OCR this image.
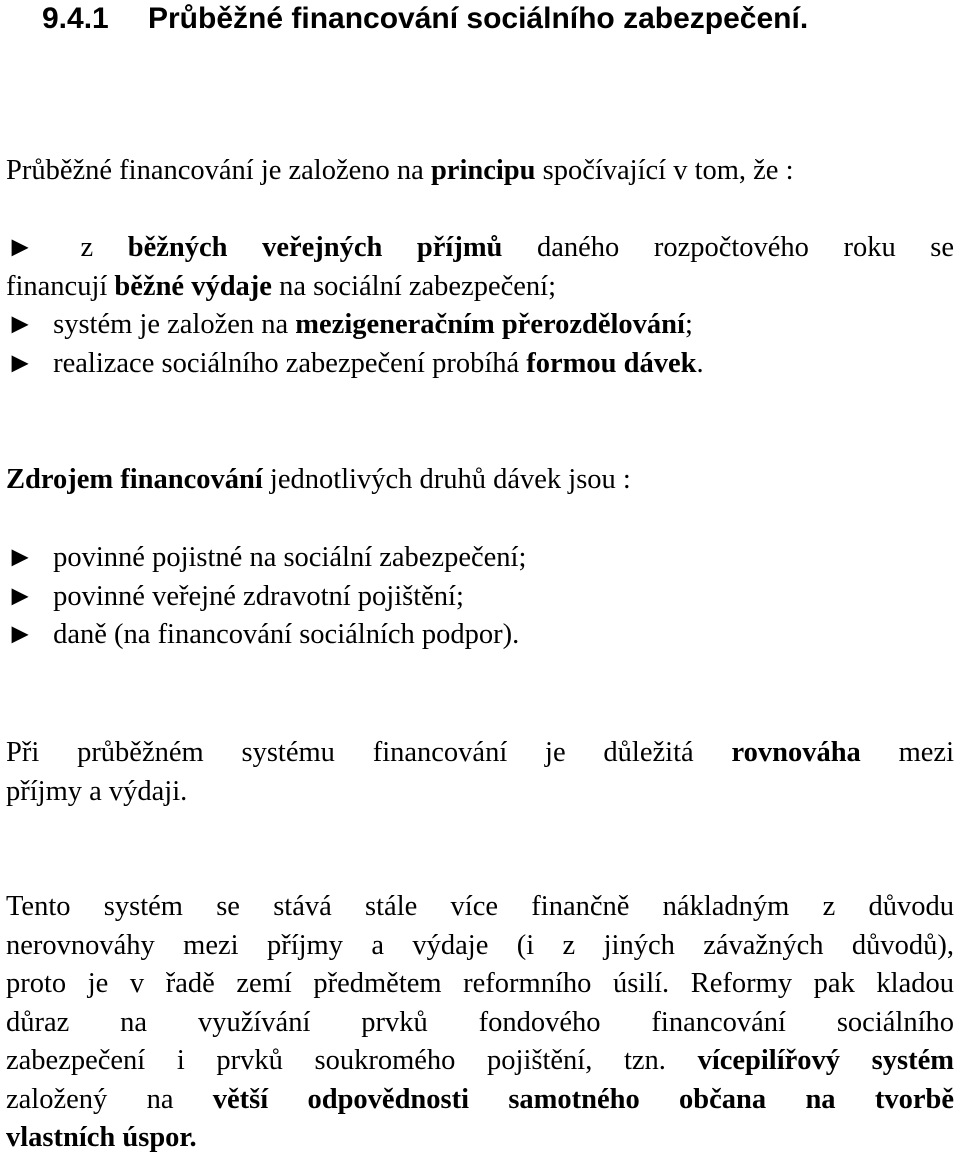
9.4.1 Průběžné financování sociálního zabezpečení.

Průběžné financování je založeno na principu spočívající v tom, že :

► z běžných veřejných příjmů daného rozpočtového roku se
financují běžné výdaje na sociální zabezpečení;
► systém je založen na mezigeneračním přerozdělování;
► realizace sociálního zabezpečení probíhá formou dávek.

Zdrojem financování jednotlivých druhů dávek jsou :

► povinné pojistné na sociální zabezpečení;
► povinné veřejné zdravotní pojištění;
► daně (na financování sociálních podpor).

Při průběžném systému financování je důležitá rovnováha mezi
příjmy a výdaji.

Tento systém se stává stále více finančně nákladným z důvodu
nerovnováhy mezi příjmy a výdaje (i z jiných závažných důvodů),
proto je v řadě zemí předmětem reformního úsilí. Reformy pak kladou
důraz na využívání prvků fondového financování sociálního
zabezpečení i prvků soukromého pojištění, tzn. vícepilířový systém
založený na větší odpovědnosti samotného občana na tvorbě
vlastních úspor.
